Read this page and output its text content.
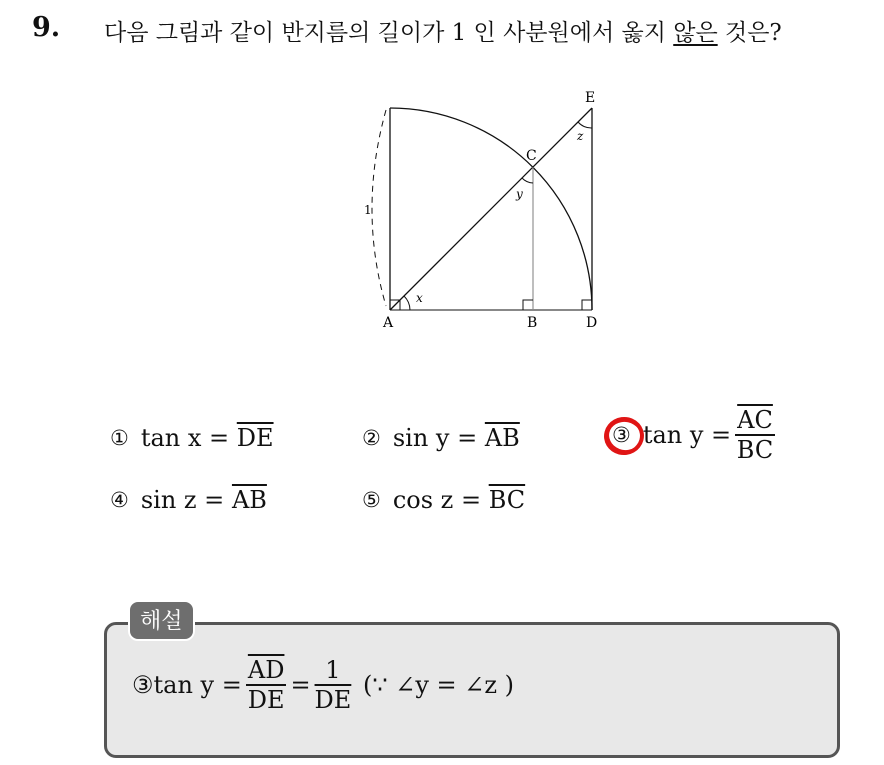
9. 다음 그림과 같이 반지름의 길이가 1 인 사분원에서 옳지 않은 것은?
A	B	D
E
C
x
y
z
1
① tan x =
$\overline{DE}$	② sin y =
$\overline{AB}$	③ $\tan y = \frac{\overline{AC}}{BC}$
④ sin z =
$\overline{AB}$	⑤ cos z =
$\overline{BC}$
해설
③tan $y = \frac{\overline{AD}}{DE} = \frac{1}{DE}$
(∵ ∠y = ∠z )
